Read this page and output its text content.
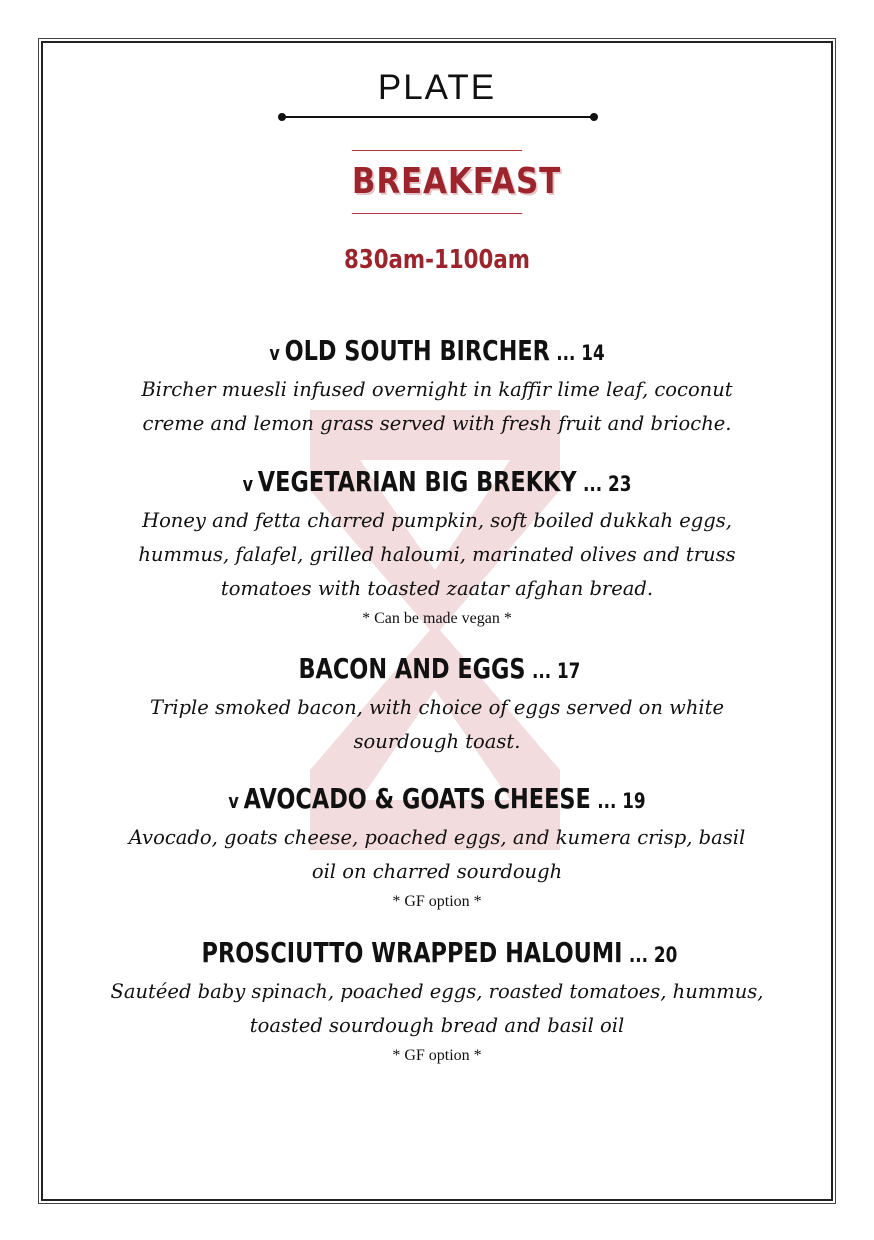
PLATE
BREAKFAST
830am-1100am
v OLD SOUTH BIRCHER ... 14
Bircher muesli infused overnight in kaffir lime leaf, coconut creme and lemon grass served with fresh fruit and brioche.
v VEGETARIAN BIG BREKKY ... 23
Honey and fetta charred pumpkin, soft boiled dukkah eggs, hummus, falafel, grilled haloumi, marinated olives and truss tomatoes with toasted zaatar afghan bread.
* Can be made vegan *
BACON AND EGGS ... 17
Triple smoked bacon, with choice of eggs served on white sourdough toast.
v AVOCADO & GOATS CHEESE ... 19
Avocado, goats cheese, poached eggs, and kumera crisp, basil oil on charred sourdough
* GF option *
PROSCIUTTO WRAPPED HALOUMI ... 20
Sautéed baby spinach, poached eggs, roasted tomatoes, hummus, toasted sourdough bread and basil oil
* GF option *
